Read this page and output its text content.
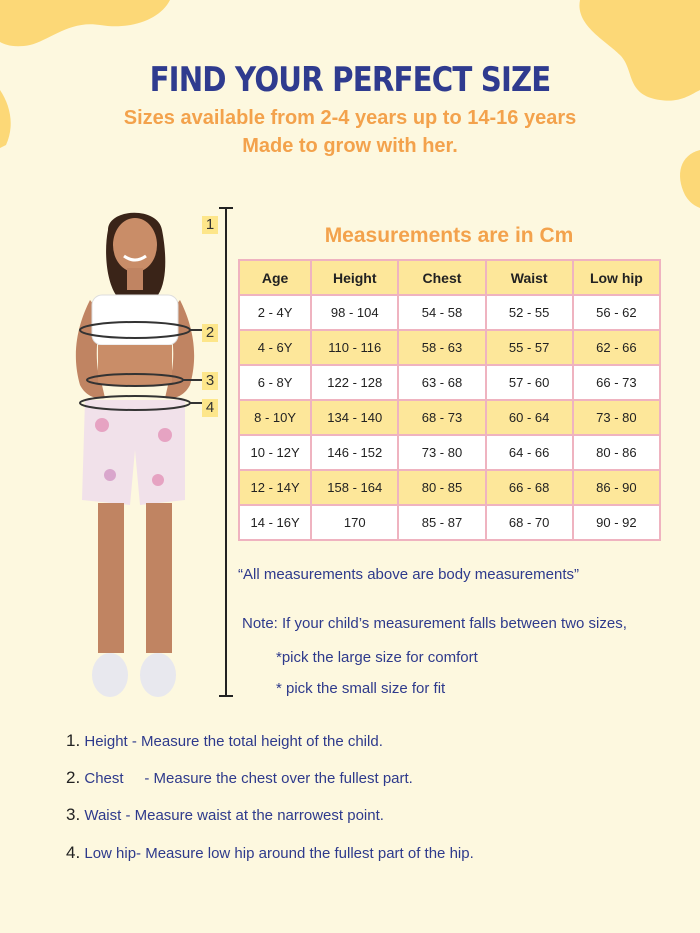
FIND YOUR PERFECT SIZE
Sizes available from 2-4 years up to 14-16 years
Made to grow with her.
1
2
3
4
Measurements are in Cm
Age	Height	Chest	Waist	Low hip
2 - 4Y	98 - 104	54 - 58	52 - 55	56 - 62
4 - 6Y	110 - 116	58 - 63	55 - 57	62 - 66
6 - 8Y	122 - 128	63 - 68	57 - 60	66 - 73
8 - 10Y	134 - 140	68 - 73	60 - 64	73 - 80
10 - 12Y	146 - 152	73 - 80	64 - 66	80 - 86
12 - 14Y	158 - 164	80 - 85	66 - 68	86 - 90
14 - 16Y	170	85 - 87	68 - 70	90 - 92
“All measurements above are body measurements”
Note: If your child’s measurement falls between two sizes,
*pick the large size for comfort
* pick the small size for fit
1. Height - Measure the total height of the child.
2. Chest     - Measure the chest over the fullest part.
3. Waist - Measure waist at the narrowest point.
4. Low hip- Measure low hip around the fullest part of the hip.
